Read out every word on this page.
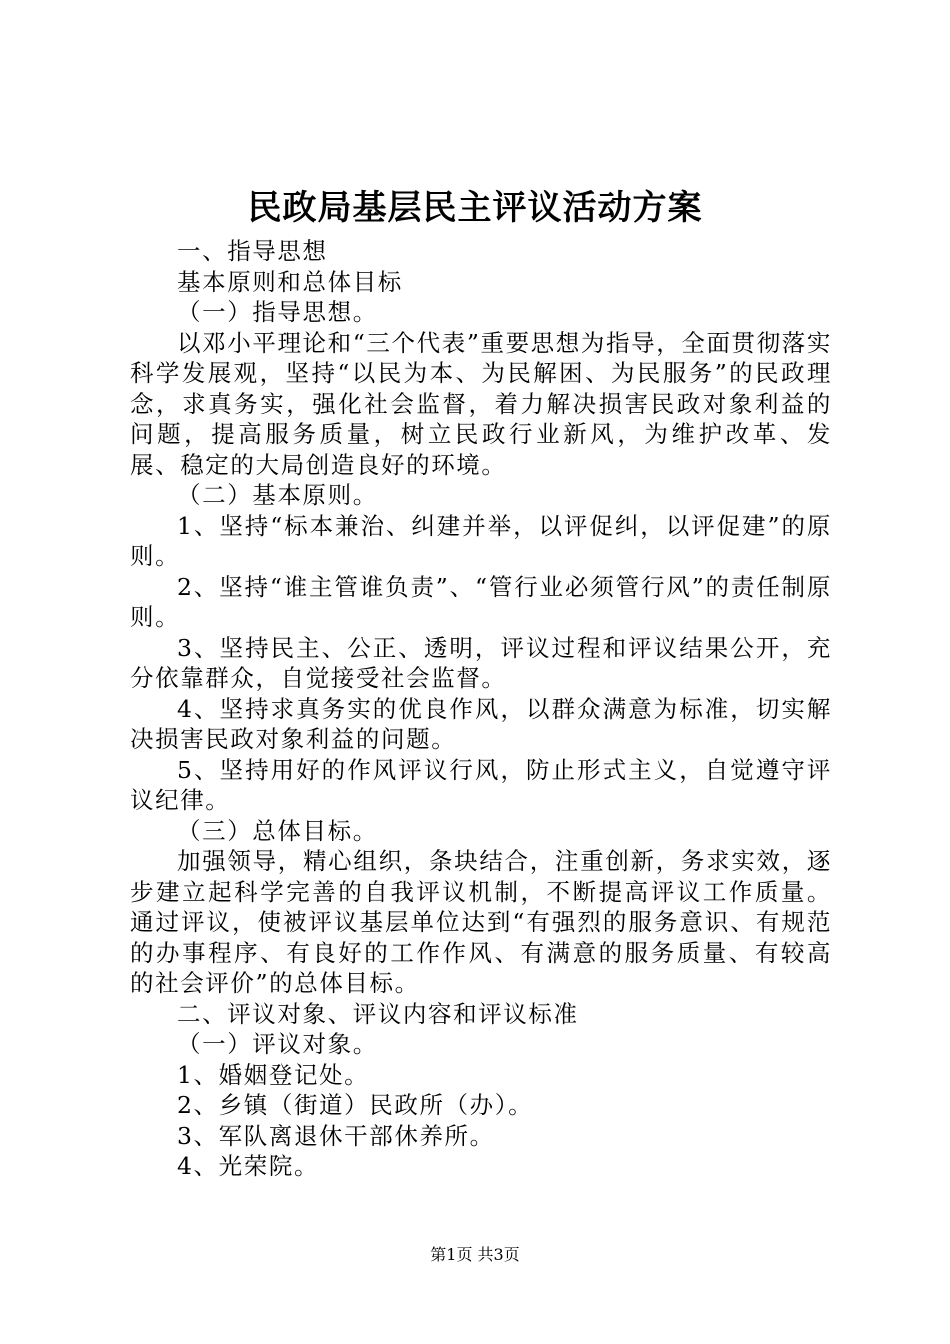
民政局基层民主评议活动方案

一、指导思想

基本原则和总体目标

（一）指导思想。

以邓小平理论和“三个代表”重要思想为指导，全面贯彻落实科学发展观，坚持“以民为本、为民解困、为民服务”的民政理念，求真务实，强化社会监督，着力解决损害民政对象利益的问题，提高服务质量，树立民政行业新风，为维护改革、发展、稳定的大局创造良好的环境。

（二）基本原则。

1、坚持“标本兼治、纠建并举，以评促纠，以评促建”的原则。

2、坚持“谁主管谁负责”、“管行业必须管行风”的责任制原则。

3、坚持民主、公正、透明，评议过程和评议结果公开，充分依靠群众，自觉接受社会监督。

4、坚持求真务实的优良作风，以群众满意为标准，切实解决损害民政对象利益的问题。

5、坚持用好的作风评议行风，防止形式主义，自觉遵守评议纪律。

（三）总体目标。

加强领导，精心组织，条块结合，注重创新，务求实效，逐步建立起科学完善的自我评议机制，不断提高评议工作质量。通过评议，使被评议基层单位达到“有强烈的服务意识、有规范的办事程序、有良好的工作作风、有满意的服务质量、有较高的社会评价”的总体目标。

二、评议对象、评议内容和评议标准

（一）评议对象。

1、婚姻登记处。

2、乡镇（街道）民政所（办）。

3、军队离退休干部休养所。

4、光荣院。

第1页 共3页
